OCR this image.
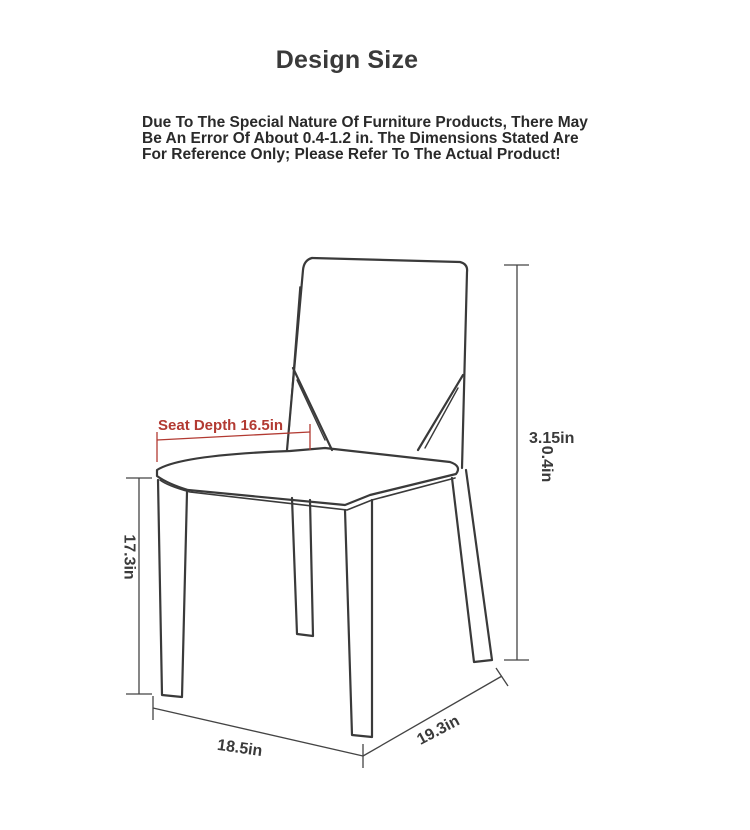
Design Size
Due To The Special Nature Of Furniture Products, There May
Be An Error Of About 0.4-1.2 in. The Dimensions Stated Are
For Reference Only; Please Refer To The Actual Product!
Seat Depth 16.5in
3.15in
0.4in
17.3in
18.5in	19.3in
